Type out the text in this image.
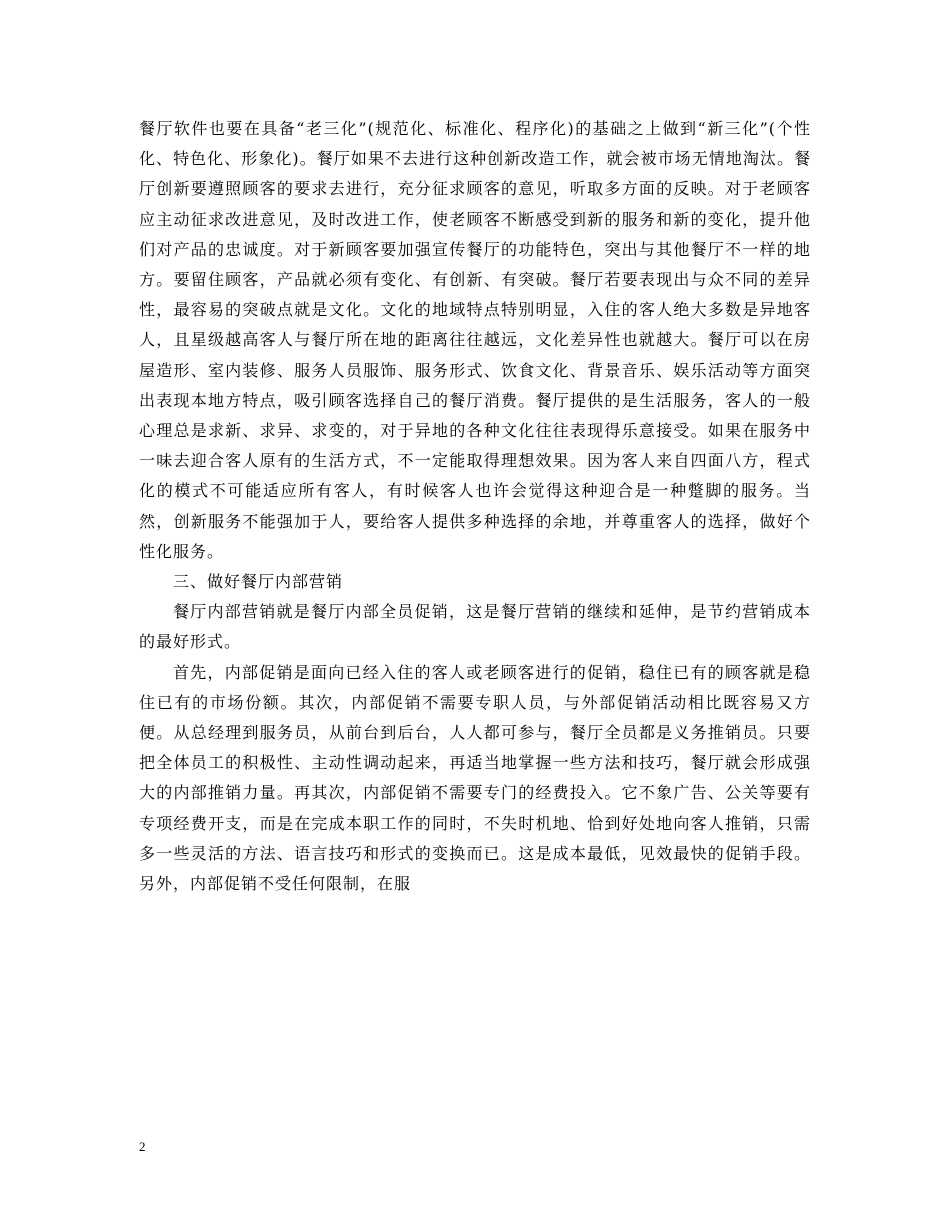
餐厅软件也要在具备“老三化”(规范化、标准化、程序化)的基础之上做到“新三化”(个性化、特色化、形象化)。餐厅如果不去进行这种创新改造工作，就会被市场无情地淘汰。餐厅创新要遵照顾客的要求去进行，充分征求顾客的意见，听取多方面的反映。对于老顾客应主动征求改进意见，及时改进工作，使老顾客不断感受到新的服务和新的变化，提升他们对产品的忠诚度。对于新顾客要加强宣传餐厅的功能特色，突出与其他餐厅不一样的地方。要留住顾客，产品就必须有变化、有创新、有突破。餐厅若要表现出与众不同的差异性，最容易的突破点就是文化。文化的地域特点特别明显，入住的客人绝大多数是异地客人，且星级越高客人与餐厅所在地的距离往往越远，文化差异性也就越大。餐厅可以在房屋造形、室内装修、服务人员服饰、服务形式、饮食文化、背景音乐、娱乐活动等方面突出表现本地方特点，吸引顾客选择自己的餐厅消费。餐厅提供的是生活服务，客人的一般心理总是求新、求异、求变的，对于异地的各种文化往往表现得乐意接受。如果在服务中一味去迎合客人原有的生活方式，不一定能取得理想效果。因为客人来自四面八方，程式化的模式不可能适应所有客人，有时候客人也许会觉得这种迎合是一种蹩脚的服务。当然，创新服务不能强加于人，要给客人提供多种选择的余地，并尊重客人的选择，做好个性化服务。

三、做好餐厅内部营销

餐厅内部营销就是餐厅内部全员促销，这是餐厅营销的继续和延伸，是节约营销成本的最好形式。

首先，内部促销是面向已经入住的客人或老顾客进行的促销，稳住已有的顾客就是稳住已有的市场份额。其次，内部促销不需要专职人员，与外部促销活动相比既容易又方便。从总经理到服务员，从前台到后台，人人都可参与，餐厅全员都是义务推销员。只要把全体员工的积极性、主动性调动起来，再适当地掌握一些方法和技巧，餐厅就会形成强大的内部推销力量。再其次，内部促销不需要专门的经费投入。它不象广告、公关等要有专项经费开支，而是在完成本职工作的同时，不失时机地、恰到好处地向客人推销，只需多一些灵活的方法、语言技巧和形式的变换而已。这是成本最低，见效最快的促销手段。另外，内部促销不受任何限制，在服

2
